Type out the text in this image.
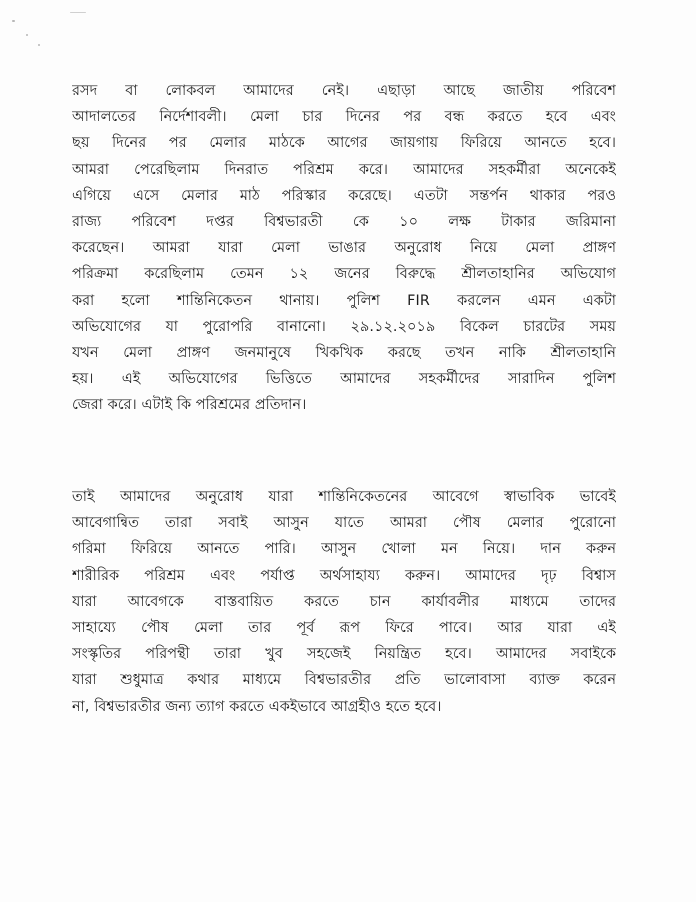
রসদ বা লোকবল আমাদের নেই। এছাড়া আছে জাতীয় পরিবেশ
আদালতের নির্দেশাবলী। মেলা চার দিনের পর বন্ধ করতে হবে এবং
ছয় দিনের পর মেলার মাঠকে আগের জায়গায় ফিরিয়ে আনতে হবে।
আমরা পেরেছিলাম দিনরাত পরিশ্রম করে। আমাদের সহকর্মীরা অনেকেই
এগিয়ে এসে মেলার মাঠ পরিস্কার করেছে। এতটা সন্তর্পন থাকার পরও
রাজ্য পরিবেশ দপ্তর বিশ্বভারতী কে ১০ লক্ষ টাকার জরিমানা
করেছেন। আমরা যারা মেলা ভাঙার অনুরোধ নিয়ে মেলা প্রাঙ্গণ
পরিক্রমা করেছিলাম তেমন ১২ জনের বিরুদ্ধে শ্রীলতাহানির অভিযোগ
করা হলো শান্তিনিকেতন থানায়। পুলিশ FIR করলেন এমন একটা
অভিযোগের যা পুরোপরি বানানো। ২৯.১২.২০১৯ বিকেল চারটের সময়
যখন মেলা প্রাঙ্গণ জনমানুষে খিকখিক করছে তখন নাকি শ্রীলতাহানি
হয়। এই অভিযোগের ভিত্তিতে আমাদের সহকর্মীদের সারাদিন পুলিশ
জেরা করে। এটাই কি পরিশ্রমের প্রতিদান।

তাই আমাদের অনুরোধ যারা শান্তিনিকেতনের আবেগে স্বাভাবিক ভাবেই
আবেগান্বিত তারা সবাই আসুন যাতে আমরা পৌষ মেলার পুরোনো
গরিমা ফিরিয়ে আনতে পারি। আসুন খোলা মন নিয়ে। দান করুন
শারীরিক পরিশ্রম এবং পর্যাপ্ত অর্থসাহায্য করুন। আমাদের দৃঢ় বিশ্বাস
যারা আবেগকে বাস্তবায়িত করতে চান কার্যাবলীর মাধ্যমে তাদের
সাহায্যে পৌষ মেলা তার পূর্ব রূপ ফিরে পাবে। আর যারা এই
সংস্কৃতির পরিপন্থী তারা খুব সহজেই নিয়ন্ত্রিত হবে। আমাদের সবাইকে
যারা শুধুমাত্র কথার মাধ্যমে বিশ্বভারতীর প্রতি ভালোবাসা ব্যাক্ত করেন
না, বিশ্বভারতীর জন্য ত্যাগ করতে একইভাবে আগ্রহীও হতে হবে।
